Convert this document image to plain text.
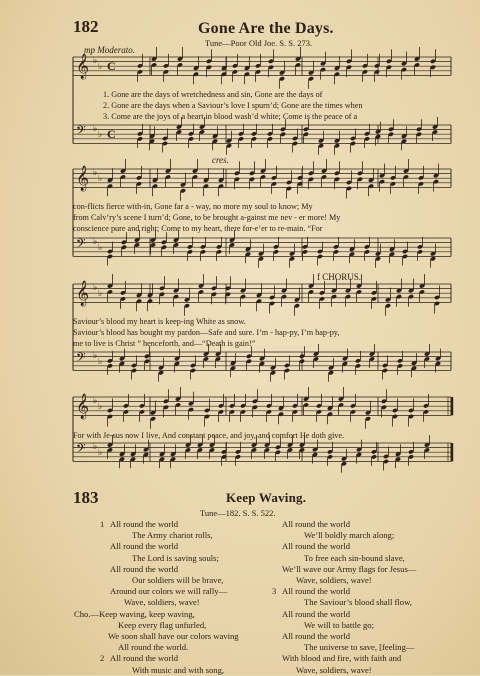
182	Gone Are the Days.
Tune—Poor Old Joe. S. S. 273.
mp Moderato.
cres.
f CHORUS.
𝄞 ♭
♭ C
𝄢 ♭
♭ C
𝄞 ♭
♭
𝄢 ♭
♭
𝄞 ♭
♭
𝄢 ♭
♭
𝄞 ♭
♭
𝄢 ♭
♭
1. Gone are the days of wretchedness and sin, Gone are the days of
2. Gone are the days when a Saviour’s love I spurn’d; Gone are the times when
3. Come are the joys of a heart in blood wash’d white; Come is the peace of a
con-flicts fierce with-in, Gone far a - way, no more my soul to know; My
from Calv’ry’s scene I turn’d; Gone, to be brought a-gainst me nev - er more! My
conscience pure and right; Come to my heart, there for-e’er to re-main. “For
Saviour’s blood my heart is keep-ing White as snow.
Saviour’s blood has bought my pardon—Safe and sure. I’m - hap-py, I’m hap-py,
me to live is Christ ” henceforth, and—“Death is gain!”
For with Je-sus now I live, And constant peace, and joy, and comfort He doth give.
183	Keep Waving.
Tune—182. S. S. 522.
1 All round the world
The Army chariot rolls,
All round the world
The Lord is saving souls;
All round the world
Our soldiers will be brave,
Around our colors we will rally—
Wave, soldiers, wave!
Cho.—Keep waving, keep waving,
Keep every flag unfurled,
We soon shall have our colors waving
All round the world.
2 All round the world
With music and with song,
All round the world
We’ll boldly march along;
All round the world
To free each sin-bound slave,
We’ll wave our Army flags for Jesus—
Wave, soldiers, wave!
3 All round the world
The Saviour’s blood shall flow,
All round the world
We will to battle go;
All round the world
The universe to save, [feeling—
With blood and fire, with faith and
Wave, soldiers, wave!
